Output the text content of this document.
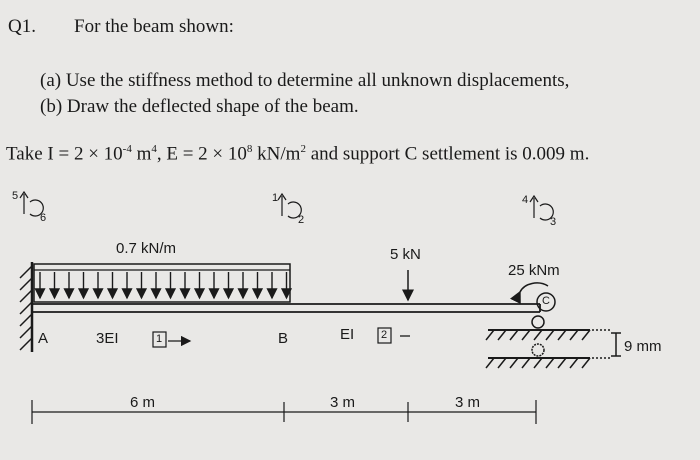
Q1. For the beam shown:
(a) Use the stiffness method to determine all unknown displacements,
(b) Draw the deflected shape of the beam.
Take $I = 2 \times 10^{-4}$ $m^4$, $E = 2 \times 10^8$ $kN/m^2$ and support C settlement is 0.009 m.
5
6
1
2
4
3
0.7 kN/m	5 kN
25 kNm
C
A	B
3EI	1	EI 2
9 mm
6 m	3 m	3 m
